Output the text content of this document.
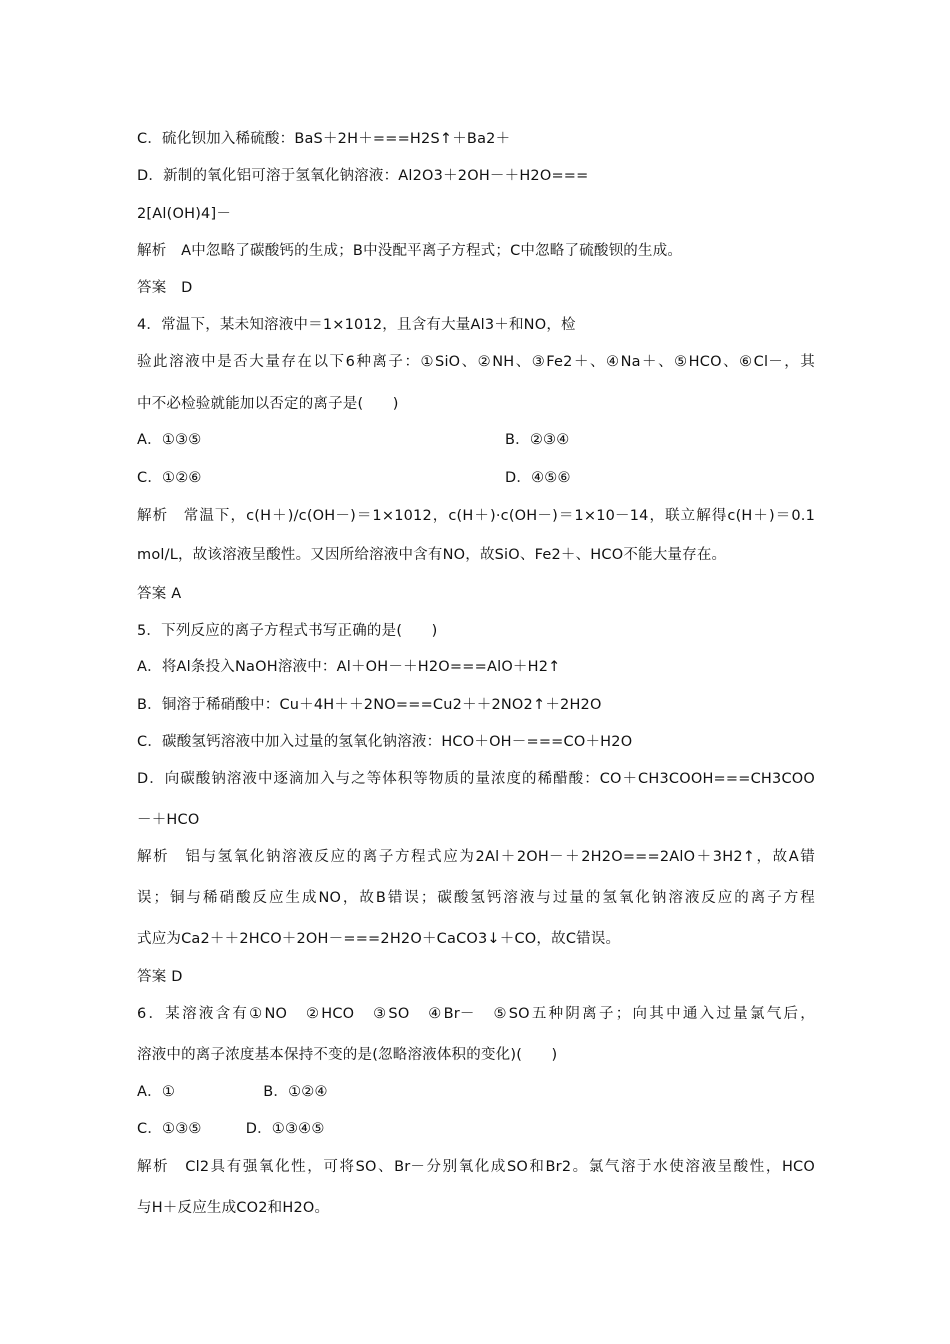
C．硫化钡加入稀硫酸：BaS＋2H＋===H2S↑＋Ba2＋
D．新制的氧化铝可溶于氢氧化钠溶液：Al2O3＋2OH－＋H2O===
2[Al(OH)4]－
解析　A中忽略了碳酸钙的生成；B中没配平离子方程式；C中忽略了硫酸钡的生成。
答案　D
4．常温下，某未知溶液中＝1×1012，且含有大量Al3＋和NO，检
验此溶液中是否大量存在以下6种离子：①SiO、②NH、③Fe2＋、④Na＋、⑤HCO、⑥Cl－，其
中不必检验就能加以否定的离子是(　　)
A．①③⑤	B．②③④
C．①②⑥	D．④⑤⑥
解析　常温下，c(H＋)/c(OH－)＝1×1012，c(H＋)·c(OH－)＝1×10－14，联立解得c(H＋)＝0.1
mol/L，故该溶液呈酸性。又因所给溶液中含有NO，故SiO、Fe2＋、HCO不能大量存在。
答案 A
5．下列反应的离子方程式书写正确的是(　　)
A．将Al条投入NaOH溶液中：Al＋OH－＋H2O===AlO＋H2↑
B．铜溶于稀硝酸中：Cu＋4H＋＋2NO===Cu2＋＋2NO2↑＋2H2O
C．碳酸氢钙溶液中加入过量的氢氧化钠溶液：HCO＋OH－===CO＋H2O
D．向碳酸钠溶液中逐滴加入与之等体积等物质的量浓度的稀醋酸：CO＋CH3COOH===CH3COO
－＋HCO
解析　铝与氢氧化钠溶液反应的离子方程式应为2Al＋2OH－＋2H2O===2AlO＋3H2↑，故A错
误；铜与稀硝酸反应生成NO，故B错误；碳酸氢钙溶液与过量的氢氧化钠溶液反应的离子方程
式应为Ca2＋＋2HCO＋2OH－===2H2O＋CaCO3↓＋CO，故C错误。
答案 D
6．某溶液含有①NO　②HCO　③SO　④Br－　⑤SO五种阴离子；向其中通入过量氯气后，
溶液中的离子浓度基本保持不变的是(忽略溶液体积的变化)(　　)
A．①　　　　　　B．①②④
C．①③⑤　　　D．①③④⑤
解析　Cl2具有强氧化性，可将SO、Br－分别氧化成SO和Br2。氯气溶于水使溶液呈酸性，HCO
与H＋反应生成CO2和H2O。
